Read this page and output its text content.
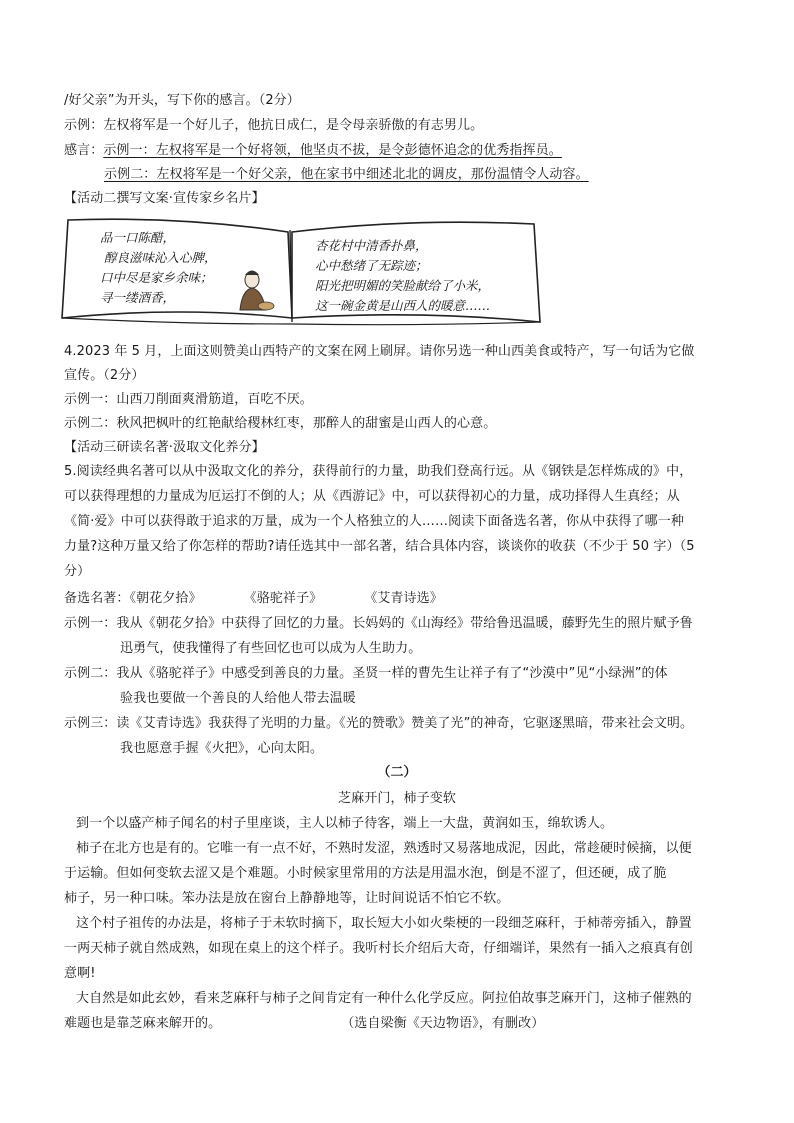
/好父亲”为开头，写下你的感言。（2分）
示例：左权将军是一个好儿子，他抗日成仁，是令母亲骄傲的有志男儿。
感言：示例一：左权将军是一个好将领，他坚贞不拔，是令彭德怀追念的优秀指挥员。
示例二：左权将军是一个好父亲，他在家书中细述北北的调皮，那份温情令人动容。
【活动二撰写文案·宣传家乡名片】
品一口陈醋，
醇良滋味沁入心脾，
口中尽是家乡余味；
寻一缕酒香，
杏花村中清香扑鼻，
心中愁绪了无踪迹；
阳光把明媚的笑脸献给了小米，
这一碗金黄是山西人的暖意……
4.2023 年 5 月，上面这则赞美山西特产的文案在网上刷屏。请你另选一种山西美食或特产，写一句话为它做
宣传。（2分）
示例一：山西刀削面爽滑筋道，百吃不厌。
示例二：秋风把枫叶的红艳献给稷林红枣，那醉人的甜蜜是山西人的心意。
【活动三研读名著·汲取文化养分】
5.阅读经典名著可以从中汲取文化的养分，获得前行的力量，助我们登高行远。从《钢铁是怎样炼成的》中，
可以获得理想的力量成为厄运打不倒的人；从《西游记》中，可以获得初心的力量，成功择得人生真经；从
《简·爱》中可以获得敢于追求的万量，成为一个人格独立的人……阅读下面备选名著，你从中获得了哪一种
力量?这种万量又给了你怎样的帮助?请任选其中一部名著，结合具体内容，谈谈你的收获（不少于 50 字）（5
分）
备选名著：《朝花夕拾》	《骆驼祥子》	《艾青诗选》
示例一：我从《朝花夕拾》中获得了回忆的力量。长妈妈的《山海经》带给鲁迅温暖，藤野先生的照片赋予鲁
迅勇气，使我懂得了有些回忆也可以成为人生助力。
示例二：我从《骆驼祥子》中感受到善良的力量。圣贤一样的曹先生让祥子有了“沙漠中”见“小绿洲”的体
验我也要做一个善良的人给他人带去温暖
示例三：读《艾青诗选》我获得了光明的力量。《光的赞歌》赞美了光”的神奇，它驱逐黑暗，带来社会文明。
我也愿意手握《火把》，心向太阳。
（二）
芝麻开门，柿子变软
到一个以盛产柿子闻名的村子里座谈，主人以柿子待客，端上一大盘，黄润如玉，绵软诱人。
柿子在北方也是有的。它唯一有一点不好，不熟时发涩，熟透时又易落地成泥，因此，常趁硬时候摘，以便
于运输。但如何变软去涩又是个难题。小时候家里常用的方法是用温水泡，倒是不涩了，但还硬，成了脆
柿子，另一种口味。笨办法是放在窗台上静静地等，让时间说话不怕它不软。
这个村子祖传的办法是，将柿子于未软时摘下，取长短大小如火柴梗的一段细芝麻秆，于柿蒂旁插入，静置
一两天柿子就自然成熟，如现在桌上的这个样子。我听村长介绍后大奇，仔细端详，果然有一插入之痕真有创
意啊!
大自然是如此玄妙，看来芝麻秆与柿子之间肯定有一种什么化学反应。阿拉伯故事芝麻开门，这柿子催熟的
难题也是靠芝麻来解开的。	（选自梁衡《天边物语》，有删改）
